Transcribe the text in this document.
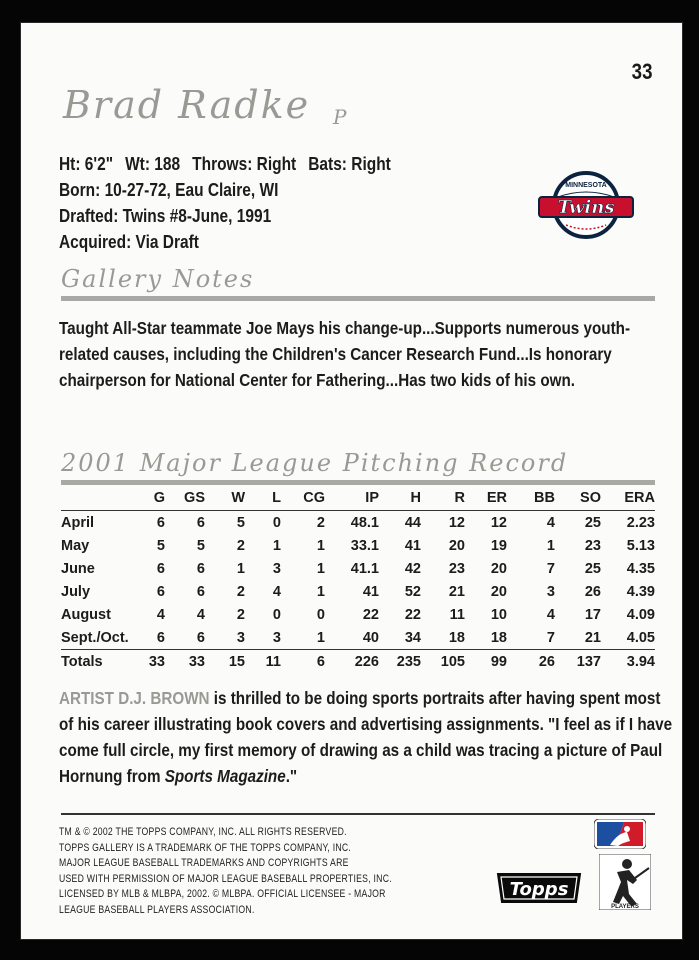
33
Brad Radke P
Ht: 6'2" Wt: 188 Throws: Right Bats: Right
Born: 10-27-72, Eau Claire, WI
Drafted: Twins #8-June, 1991
Acquired: Via Draft
MINNESOTA
Twins
Gallery Notes
Taught All-Star teammate Joe Mays his change-up...Supports numerous youth-related causes, including the Children's Cancer Research Fund...Is honorary chairperson for National Center for Fathering...Has two kids of his own.
2001 Major League Pitching Record
	G	GS	W	L	CG	IP	H	R	ER	BB	SO	ERA
April	6	6	5	0	2	48.1	44	12	12	4	25	2.23
May	5	5	2	1	1	33.1	41	20	19	1	23	5.13
June	6	6	1	3	1	41.1	42	23	20	7	25	4.35
July	6	6	2	4	1	41	52	21	20	3	26	4.39
August	4	4	2	0	0	22	22	11	10	4	17	4.09
Sept./Oct.	6	6	3	3	1	40	34	18	18	7	21	4.05
Totals	33	33	15	11	6	226	235	105	99	26	137	3.94
ARTIST D.J. BROWN is thrilled to be doing sports portraits after having spent most of his career illustrating book covers and advertising assignments. "I feel as if I have come full circle, my first memory of drawing as a child was tracing a picture of Paul Hornung from Sports Magazine."
TM & © 2002 THE TOPPS COMPANY, INC. ALL RIGHTS RESERVED.
TOPPS GALLERY IS A TRADEMARK OF THE TOPPS COMPANY, INC.
MAJOR LEAGUE BASEBALL TRADEMARKS AND COPYRIGHTS ARE
USED WITH PERMISSION OF MAJOR LEAGUE BASEBALL PROPERTIES, INC.
LICENSED BY MLB & MLBPA, 2002. © MLBPA. OFFICIAL LICENSEE - MAJOR
LEAGUE BASEBALL PLAYERS ASSOCIATION.
Topps
PLAYERS
